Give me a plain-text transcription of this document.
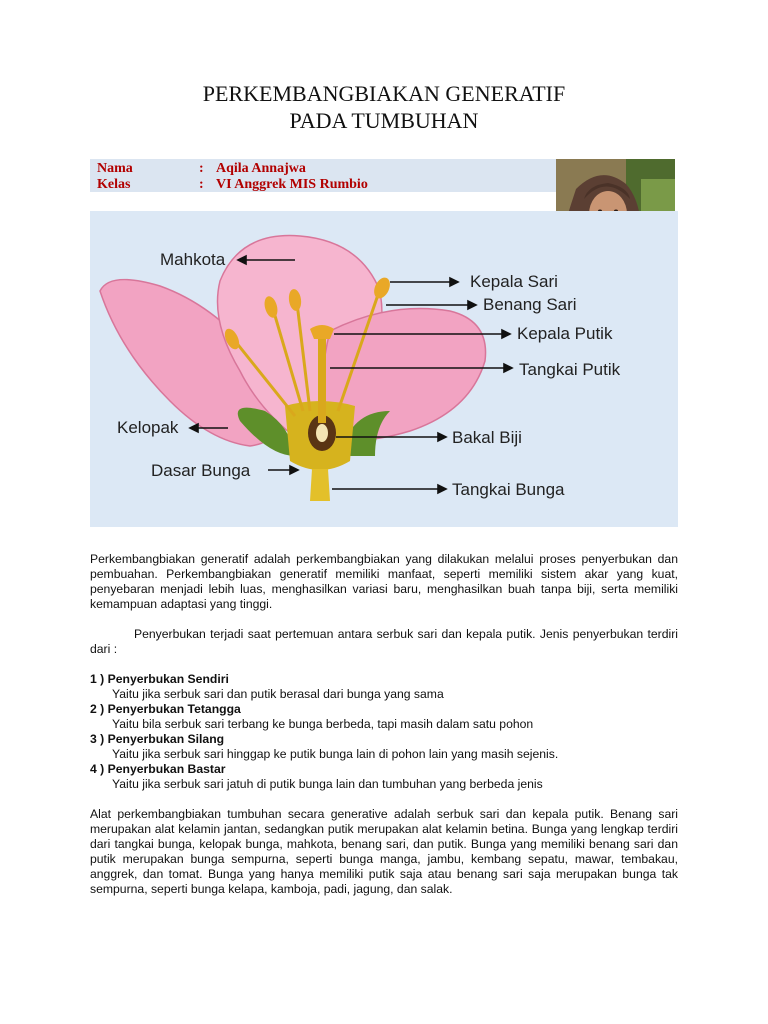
PERKEMBANGBIAKAN GENERATIF
PADA TUMBUHAN
Nama	: Aqila Annajwa
Kelas	: VI Anggrek MIS Rumbio
Mahkota
Kepala Sari
Benang Sari
Kepala Putik
Tangkai Putik
Kelopak
Bakal Biji
Dasar Bunga
Tangkai Bunga

Perkembangbiakan generatif adalah perkembangbiakan yang dilakukan melalui proses penyerbukan dan pembuahan. Perkembangbiakan generatif memiliki manfaat, seperti memiliki sistem akar yang kuat, penyebaran menjadi lebih luas, menghasilkan variasi baru, menghasilkan buah tanpa biji, serta memiliki kemampuan adaptasi yang tinggi.

Penyerbukan terjadi saat pertemuan antara serbuk sari dan kepala putik. Jenis penyerbukan terdiri dari :

1 ) Penyerbukan Sendiri
Yaitu jika serbuk sari dan putik berasal dari bunga yang sama
2 ) Penyerbukan Tetangga
Yaitu bila serbuk sari terbang ke bunga berbeda, tapi masih dalam satu pohon
3 ) Penyerbukan Silang
Yaitu jika serbuk sari hinggap ke putik bunga lain di pohon lain yang masih sejenis.
4 ) Penyerbukan Bastar
Yaitu jika serbuk sari jatuh di putik bunga lain dan tumbuhan yang berbeda jenis

Alat perkembangbiakan tumbuhan secara generative adalah serbuk sari dan kepala putik. Benang sari merupakan alat kelamin jantan, sedangkan putik merupakan alat kelamin betina. Bunga yang lengkap terdiri dari tangkai bunga, kelopak bunga, mahkota, benang sari, dan putik. Bunga yang memiliki benang sari dan putik merupakan bunga sempurna, seperti bunga manga, jambu, kembang sepatu, mawar, tembakau, anggrek, dan tomat. Bunga yang hanya memiliki putik saja atau benang sari saja merupakan bunga tak sempurna, seperti bunga kelapa, kamboja, padi, jagung, dan salak.
